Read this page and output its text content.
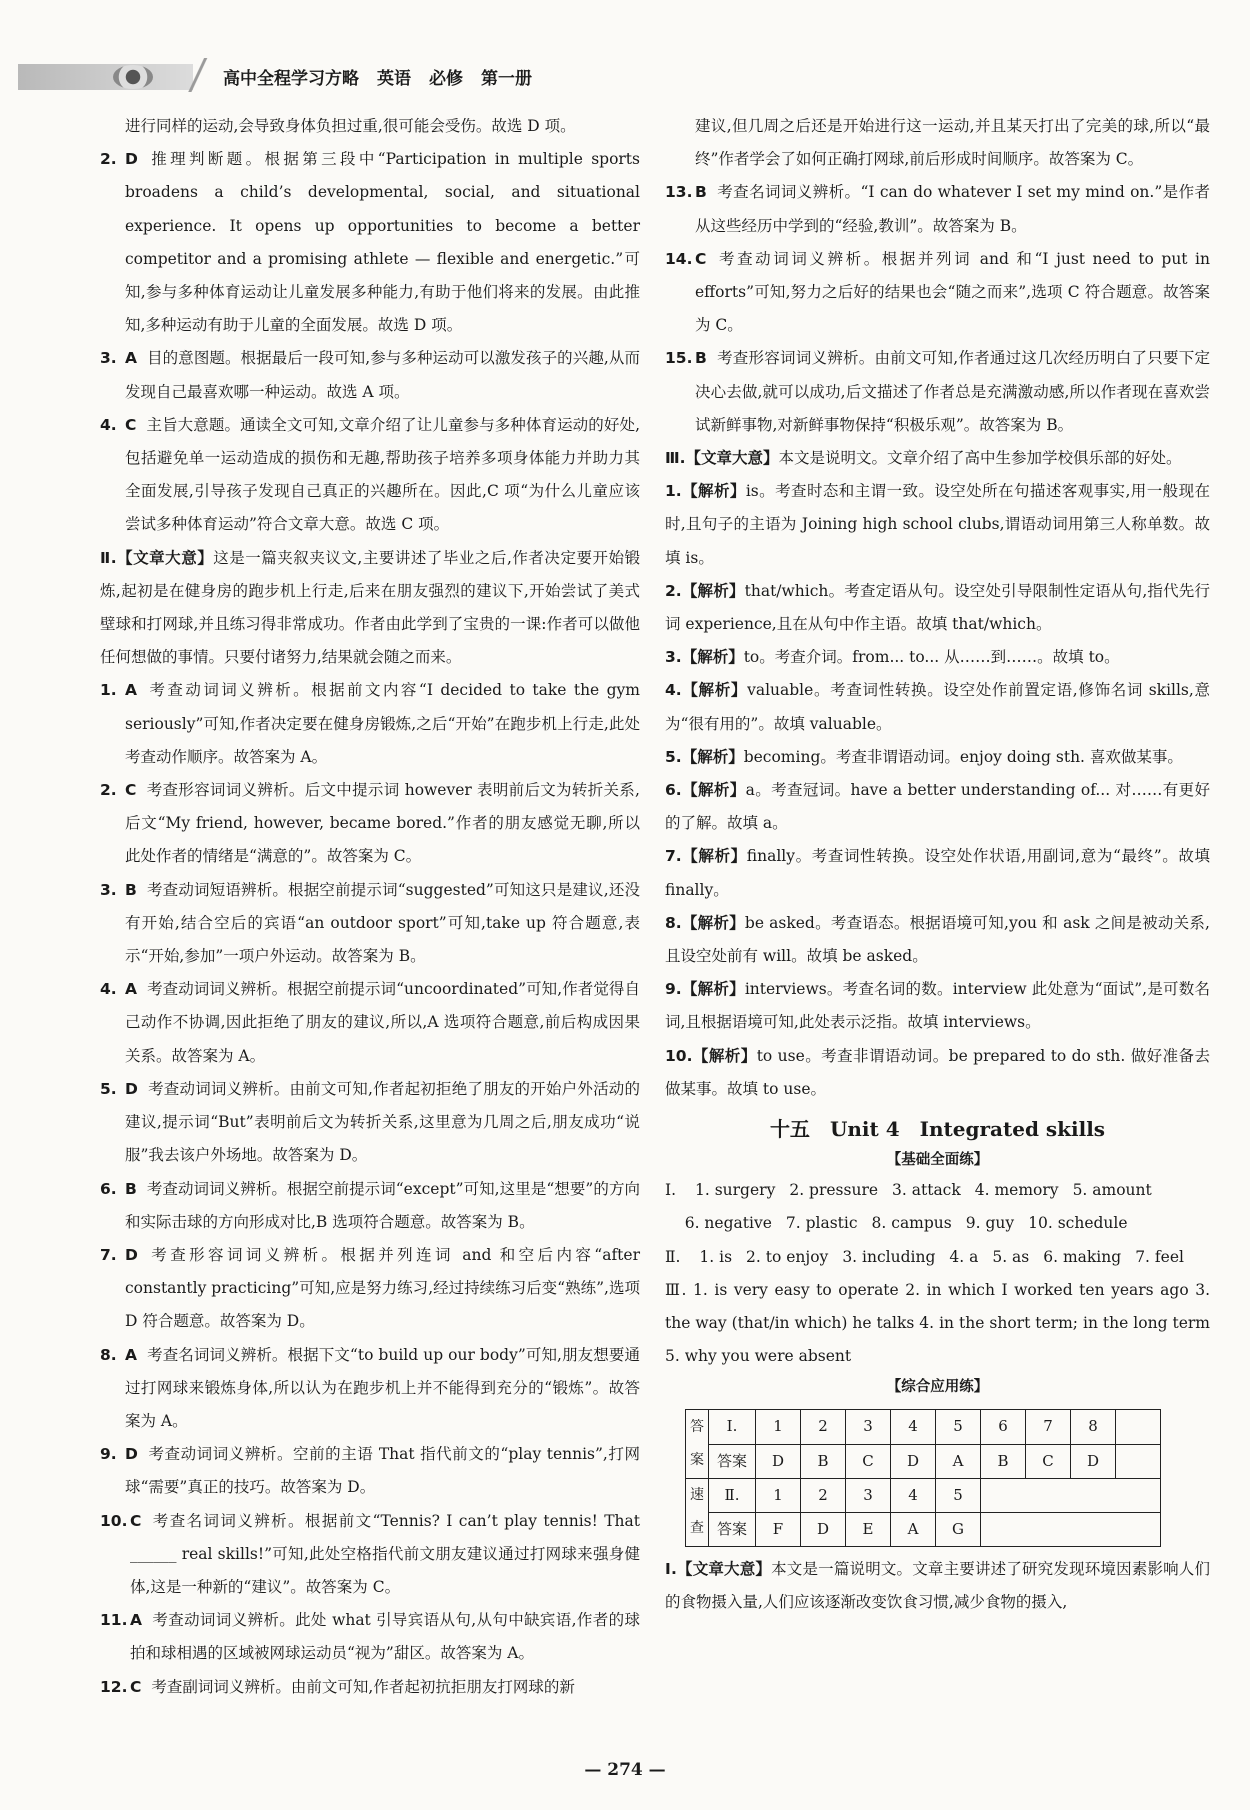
高中全程学习方略 英语 必修 第一册
进行同样的运动,会导致身体负担过重,很可能会受伤。故选 D 项。
2. D 推理判断题。根据第三段中“Participation in multiple sports broadens a child’s developmental, social, and situational experience. It opens up opportunities to become a better competitor and a promising athlete — flexible and energetic.”可知,参与多种体育运动让儿童发展多种能力,有助于他们将来的发展。由此推知,多种运动有助于儿童的全面发展。故选 D 项。
3. A 目的意图题。根据最后一段可知,参与多种运动可以激发孩子的兴趣,从而发现自己最喜欢哪一种运动。故选 A 项。
4. C 主旨大意题。通读全文可知,文章介绍了让儿童参与多种体育运动的好处,包括避免单一运动造成的损伤和无趣,帮助孩子培养多项身体能力并助力其全面发展,引导孩子发现自己真正的兴趣所在。因此,C 项“为什么儿童应该尝试多种体育运动”符合文章大意。故选 C 项。
Ⅱ.【文章大意】这是一篇夹叙夹议文,主要讲述了毕业之后,作者决定要开始锻炼,起初是在健身房的跑步机上行走,后来在朋友强烈的建议下,开始尝试了美式壁球和打网球,并且练习得非常成功。作者由此学到了宝贵的一课:作者可以做他任何想做的事情。只要付诸努力,结果就会随之而来。
1. A 考查动词词义辨析。根据前文内容“I decided to take the gym seriously”可知,作者决定要在健身房锻炼,之后“开始”在跑步机上行走,此处考查动作顺序。故答案为 A。
2. C 考查形容词词义辨析。后文中提示词 however 表明前后文为转折关系,后文“My friend, however, became bored.”作者的朋友感觉无聊,所以此处作者的情绪是“满意的”。故答案为 C。
3. B 考查动词短语辨析。根据空前提示词“suggested”可知这只是建议,还没有开始,结合空后的宾语“an outdoor sport”可知,take up 符合题意,表示“开始,参加”一项户外运动。故答案为 B。
4. A 考查动词词义辨析。根据空前提示词“uncoordinated”可知,作者觉得自己动作不协调,因此拒绝了朋友的建议,所以,A 选项符合题意,前后构成因果关系。故答案为 A。
5. D 考查动词词义辨析。由前文可知,作者起初拒绝了朋友的开始户外活动的建议,提示词“But”表明前后文为转折关系,这里意为几周之后,朋友成功“说服”我去该户外场地。故答案为 D。
6. B 考查动词词义辨析。根据空前提示词“except”可知,这里是“想要”的方向和实际击球的方向形成对比,B 选项符合题意。故答案为 B。
7. D 考查形容词词义辨析。根据并列连词 and 和空后内容“after constantly practicing”可知,应是努力练习,经过持续练习后变“熟练”,选项 D 符合题意。故答案为 D。
8. A 考查名词词义辨析。根据下文“to build up our body”可知,朋友想要通过打网球来锻炼身体,所以认为在跑步机上并不能得到充分的“锻炼”。故答案为 A。
9. D 考查动词词义辨析。空前的主语 That 指代前文的“play tennis”,打网球“需要”真正的技巧。故答案为 D。
10. C 考查名词词义辨析。根据前文“Tennis? I can’t play tennis! That ______ real skills!”可知,此处空格指代前文朋友建议通过打网球来强身健体,这是一种新的“建议”。故答案为 C。
11. A 考查动词词义辨析。此处 what 引导宾语从句,从句中缺宾语,作者的球拍和球相遇的区域被网球运动员“视为”甜区。故答案为 A。
12. C 考查副词词义辨析。由前文可知,作者起初抗拒朋友打网球的新
建议,但几周之后还是开始进行这一运动,并且某天打出了完美的球,所以“最终”作者学会了如何正确打网球,前后形成时间顺序。故答案为 C。
13. B 考查名词词义辨析。“I can do whatever I set my mind on.”是作者从这些经历中学到的“经验,教训”。故答案为 B。
14. C 考查动词词义辨析。根据并列词 and 和“I just need to put in efforts”可知,努力之后好的结果也会“随之而来”,选项 C 符合题意。故答案为 C。
15. B 考查形容词词义辨析。由前文可知,作者通过这几次经历明白了只要下定决心去做,就可以成功,后文描述了作者总是充满激动感,所以作者现在喜欢尝试新鲜事物,对新鲜事物保持“积极乐观”。故答案为 B。
Ⅲ.【文章大意】本文是说明文。文章介绍了高中生参加学校俱乐部的好处。
1.【解析】is。考查时态和主谓一致。设空处所在句描述客观事实,用一般现在时,且句子的主语为 Joining high school clubs,谓语动词用第三人称单数。故填 is。
2.【解析】that/which。考查定语从句。设空处引导限制性定语从句,指代先行词 experience,且在从句中作主语。故填 that/which。
3.【解析】to。考查介词。from... to... 从……到……。故填 to。
4.【解析】valuable。考查词性转换。设空处作前置定语,修饰名词 skills,意为“很有用的”。故填 valuable。
5.【解析】becoming。考查非谓语动词。enjoy doing sth. 喜欢做某事。
6.【解析】a。考查冠词。have a better understanding of... 对……有更好的了解。故填 a。
7.【解析】finally。考查词性转换。设空处作状语,用副词,意为“最终”。故填 finally。
8.【解析】be asked。考查语态。根据语境可知,you 和 ask 之间是被动关系,且设空处前有 will。故填 be asked。
9.【解析】interviews。考查名词的数。interview 此处意为“面试”,是可数名词,且根据语境可知,此处表示泛指。故填 interviews。
10.【解析】to use。考查非谓语动词。be prepared to do sth. 做好准备去做某事。故填 to use。
十五 Unit 4 Integrated skills
【基础全面练】
Ⅰ. 1. surgery 2. pressure 3. attack 4. memory 5. amount
6. negative 7. plastic 8. campus 9. guy 10. schedule
Ⅱ. 1. is 2. to enjoy 3. including 4. a 5. as 6. making 7. feel
Ⅲ. 1. is very easy to operate 2. in which I worked ten years ago 3. the way (that/in which) he talks 4. in the short term; in the long term 5. why you were absent
【综合应用练】
答
案	Ⅰ.	1	2	3	4	5	6	7	8	
	答案	D	B	C	D	A	B	C	D	
速
查	Ⅱ.	1	2	3	4	5				
	答案	F	D	E	A	G				
Ⅰ.【文章大意】本文是一篇说明文。文章主要讲述了研究发现环境因素影响人们的食物摄入量,人们应该逐渐改变饮食习惯,减少食物的摄入,
— 274 —
